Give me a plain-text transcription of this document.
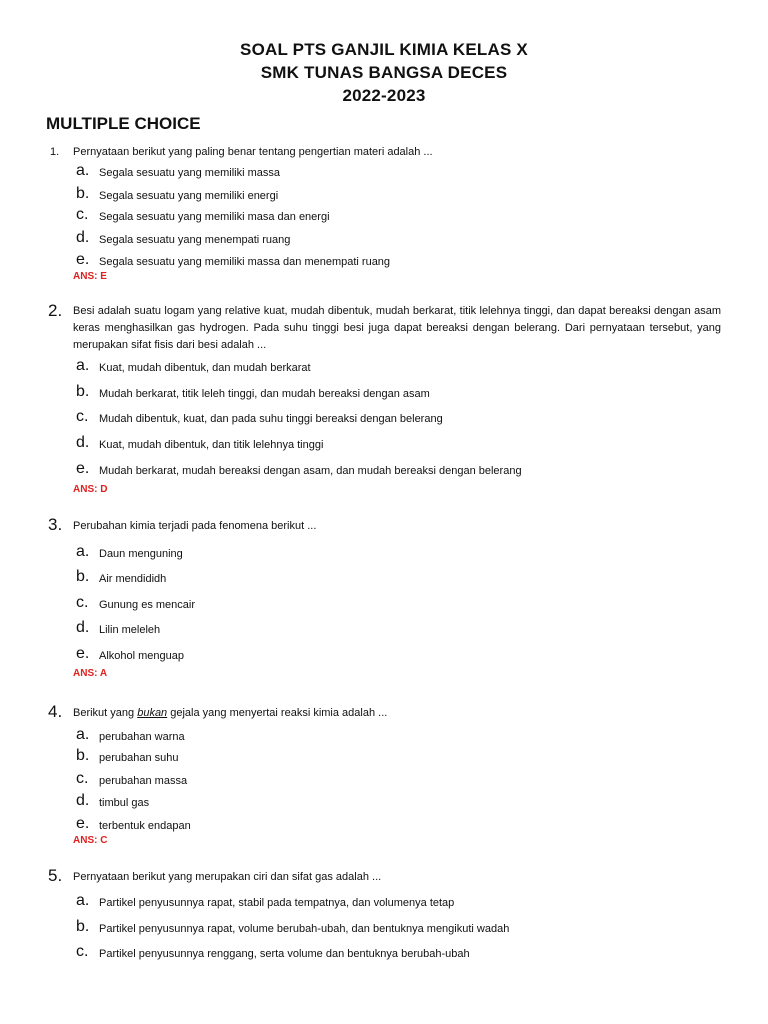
SOAL PTS GANJIL KIMIA KELAS X
SMK TUNAS BANGSA DECES
2022-2023
MULTIPLE CHOICE
1. Pernyataan berikut yang paling benar tentang pengertian materi adalah ...
a. Segala sesuatu yang memiliki massa
b. Segala sesuatu yang memiliki energi
c. Segala sesuatu yang memiliki masa dan energi
d. Segala sesuatu yang menempati ruang
e. Segala sesuatu yang memiliki massa dan menempati ruang
ANS: E
2. Besi adalah suatu logam yang relative kuat, mudah dibentuk, mudah berkarat, titik lelehnya tinggi, dan dapat bereaksi dengan asam keras menghasilkan gas hydrogen. Pada suhu tinggi besi juga dapat bereaksi dengan belerang. Dari pernyataan tersebut, yang merupakan sifat fisis dari besi adalah ...
a. Kuat, mudah dibentuk, dan mudah berkarat
b. Mudah berkarat, titik leleh tinggi, dan mudah bereaksi dengan asam
c. Mudah dibentuk, kuat, dan pada suhu tinggi bereaksi dengan belerang
d. Kuat, mudah dibentuk, dan titik lelehnya tinggi
e. Mudah berkarat, mudah bereaksi dengan asam, dan mudah bereaksi dengan belerang
ANS: D
3. Perubahan kimia terjadi pada fenomena berikut ...
a. Daun menguning
b. Air mendididh
c. Gunung es mencair
d. Lilin meleleh
e. Alkohol menguap
ANS: A
4. Berikut yang bukan gejala yang menyertai reaksi kimia adalah ...
a. perubahan warna
b. perubahan suhu
c. perubahan massa
d. timbul gas
e. terbentuk endapan
ANS: C
5. Pernyataan berikut yang merupakan ciri dan sifat gas adalah ...
a. Partikel penyusunnya rapat, stabil pada tempatnya, dan volumenya tetap
b. Partikel penyusunnya rapat, volume berubah-ubah, dan bentuknya mengikuti wadah
c. Partikel penyusunnya renggang, serta volume dan bentuknya berubah-ubah
